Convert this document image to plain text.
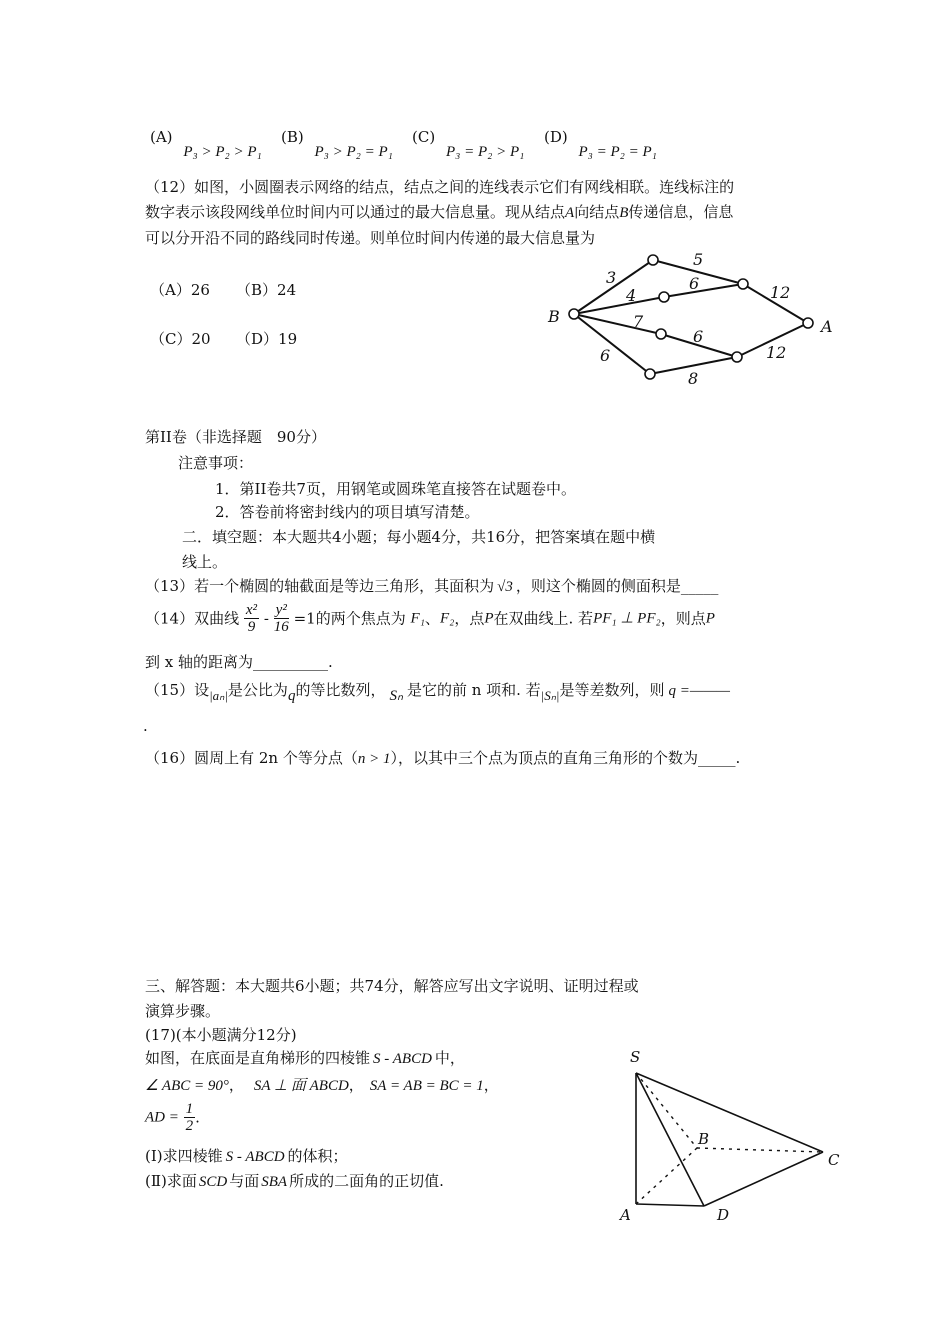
(A) P₃ > P₂ > P₁
(B) P₃ > P₂ = P₁
(C) P₃ = P₂ > P₁
(D) P₃ = P₂ = P₁
（12）如图，小圆圈表示网络的结点，结点之间的连线表示它们有网线相联。连线标注的
数字表示该段网线单位时间内可以通过的最大信息量。现从结点A向结点B传递信息，信息
可以分开沿不同的路线同时传递。则单位时间内传递的最大信息量为
（A）26 （B）24
（C）20 （D）19
B
A
3
5
4
6	12
7
6
12
6
8
第II卷（非选择题　90分）
注意事项：
1．第II卷共7页，用钢笔或圆珠笔直接答在试题卷中。
2．答卷前将密封线内的项目填写清楚。
二．填空题：本大题共4小题；每小题4分，共16分，把答案填在题中横
线上。
（13）若一个椭圆的轴截面是等边三角形，其面积为 √3 ，则这个椭圆的侧面积是_____
（14）双曲线 $\frac{\text{x²}}{9} - \frac{\text{y²}}{16} =1$的两个焦点为 F₁、F₂，点P在双曲线上. 若PF₁ ⊥ PF₂，则点P
到 x 轴的距离为__________.
（15）设|aₙ|是公比为q的等比数列， Sₙ 是它的前 n 项和. 若|Sₙ|是等差数列，则 q =———
.
（16）圆周上有 2n 个等分点（n > 1），以其中三个点为顶点的直角三角形的个数为_____.
三、解答题：本大题共6小题；共74分，解答应写出文字说明、证明过程或
演算步骤。
(17)(本小题满分12分)
如图，在底面是直角梯形的四棱锥 S - ABCD 中，
∠ ABC = 90°， SA ⊥ 面 ABCD， SA = AB = BC = 1，
AD = $\frac{1}{2}$ .
(Ⅰ)求四棱锥 S - ABCD 的体积；
(Ⅱ)求面 SCD 与面 SBA 所成的二面角的正切值.
S
B
C
A	D
